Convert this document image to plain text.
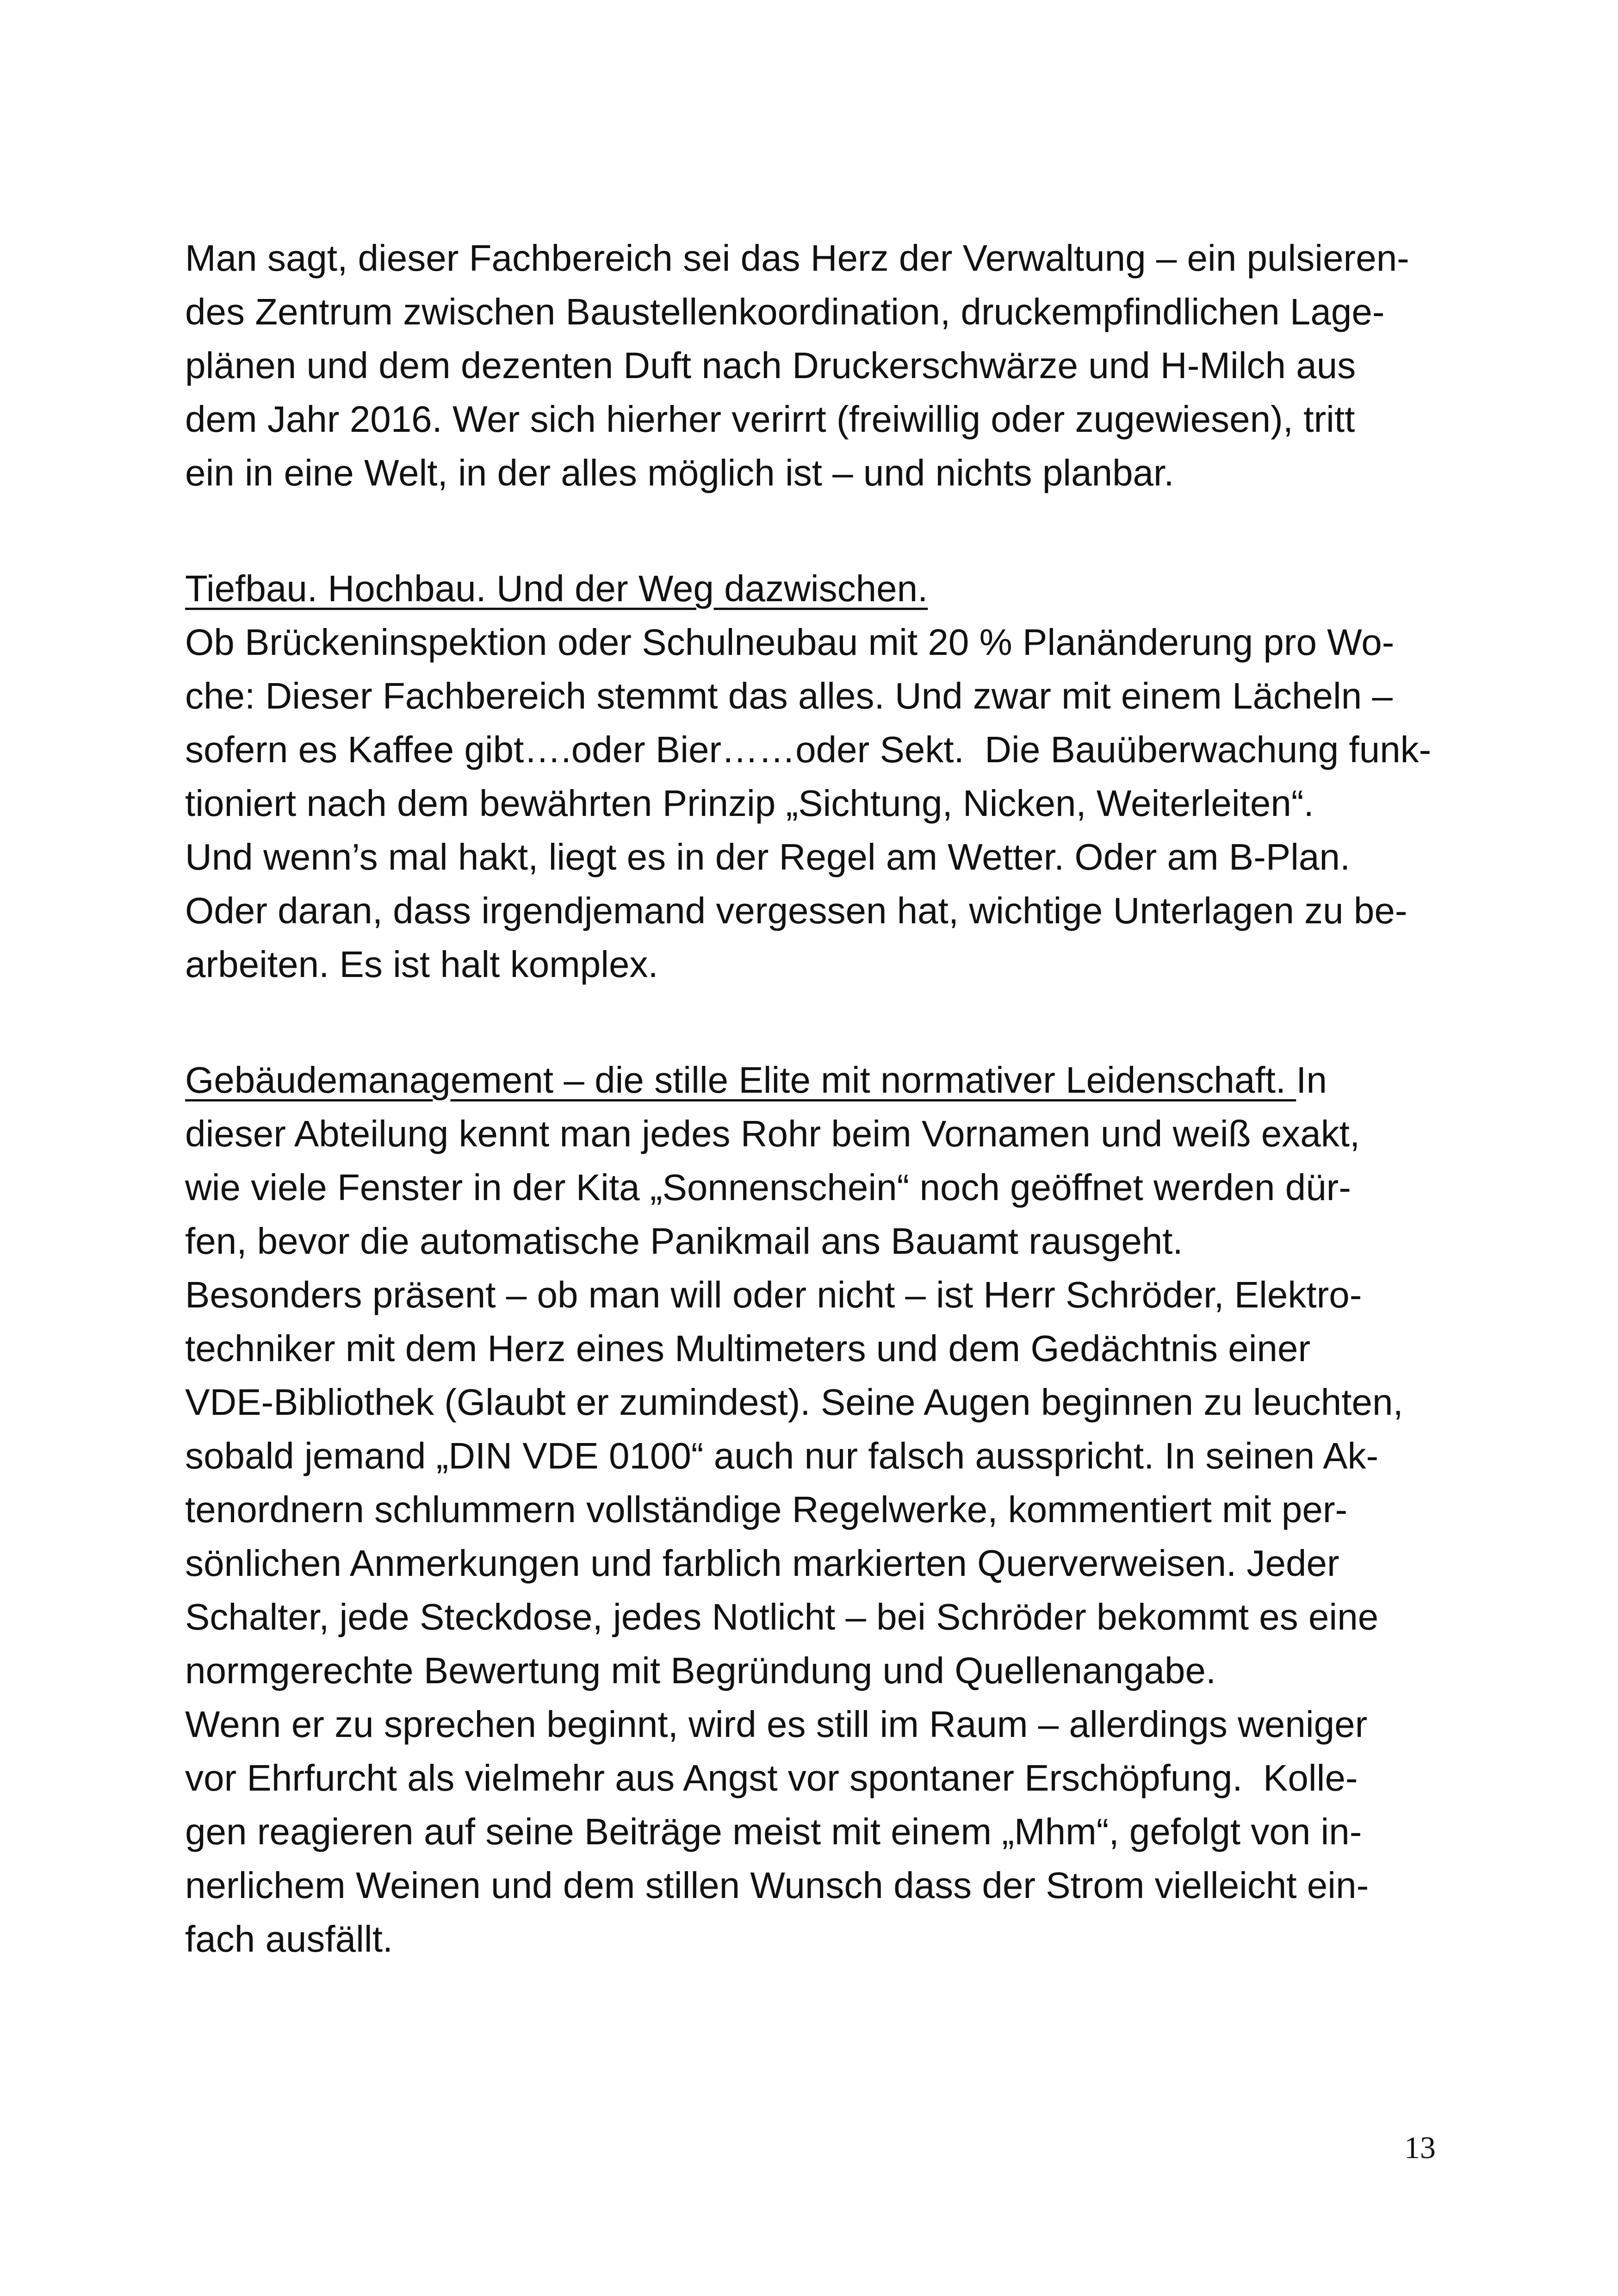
Man sagt, dieser Fachbereich sei das Herz der Verwaltung – ein pulsieren-
des Zentrum zwischen Baustellenkoordination, druckempfindlichen Lage-
plänen und dem dezenten Duft nach Druckerschwärze und H-Milch aus
dem Jahr 2016. Wer sich hierher verirrt (freiwillig oder zugewiesen), tritt
ein in eine Welt, in der alles möglich ist – und nichts planbar.
Tiefbau. Hochbau. Und der Weg dazwischen.
Ob Brückeninspektion oder Schulneubau mit 20 % Planänderung pro Wo-
che: Dieser Fachbereich stemmt das alles. Und zwar mit einem Lächeln –
sofern es Kaffee gibt….oder Bier……oder Sekt.  Die Bauüberwachung funk-
tioniert nach dem bewährten Prinzip „Sichtung, Nicken, Weiterleiten“.
Und wenn’s mal hakt, liegt es in der Regel am Wetter. Oder am B-Plan.
Oder daran, dass irgendjemand vergessen hat, wichtige Unterlagen zu be-
arbeiten. Es ist halt komplex.
Gebäudemanagement – die stille Elite mit normativer Leidenschaft. In
dieser Abteilung kennt man jedes Rohr beim Vornamen und weiß exakt,
wie viele Fenster in der Kita „Sonnenschein“ noch geöffnet werden dür-
fen, bevor die automatische Panikmail ans Bauamt rausgeht.
Besonders präsent – ob man will oder nicht – ist Herr Schröder, Elektro-
techniker mit dem Herz eines Multimeters und dem Gedächtnis einer
VDE-Bibliothek (Glaubt er zumindest). Seine Augen beginnen zu leuchten,
sobald jemand „DIN VDE 0100“ auch nur falsch ausspricht. In seinen Ak-
tenordnern schlummern vollständige Regelwerke, kommentiert mit per-
sönlichen Anmerkungen und farblich markierten Querverweisen. Jeder
Schalter, jede Steckdose, jedes Notlicht – bei Schröder bekommt es eine
normgerechte Bewertung mit Begründung und Quellenangabe.
Wenn er zu sprechen beginnt, wird es still im Raum – allerdings weniger
vor Ehrfurcht als vielmehr aus Angst vor spontaner Erschöpfung.  Kolle-
gen reagieren auf seine Beiträge meist mit einem „Mhm“, gefolgt von in-
nerlichem Weinen und dem stillen Wunsch dass der Strom vielleicht ein-
fach ausfällt.
13
